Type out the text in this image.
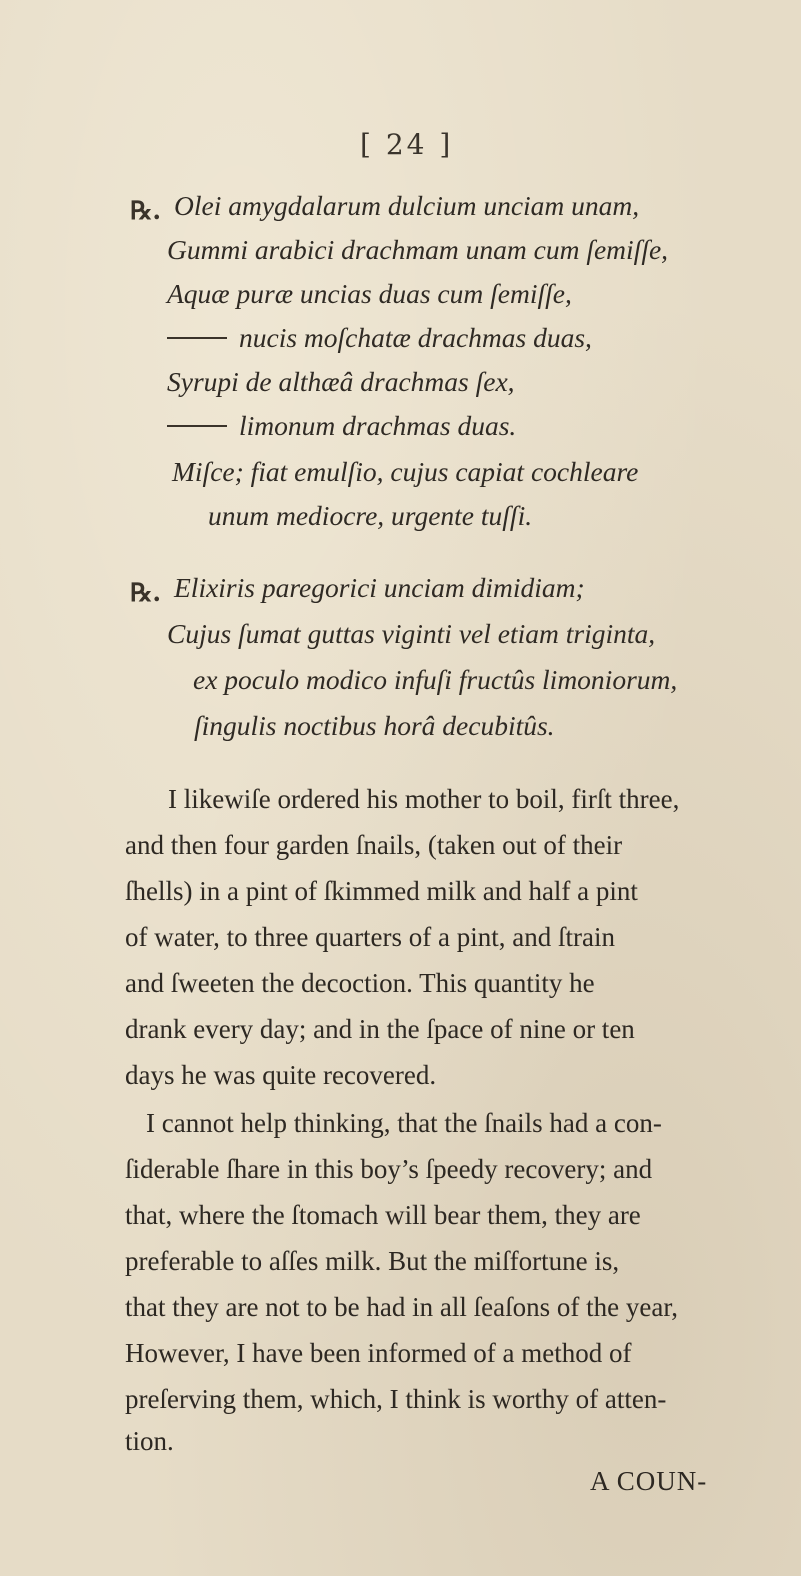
[ 24 ]
℞. Olei amygdalarum dulcium unciam unam,
Gummi arabici drachmam unam cum ſemiſſe,
Aquæ puræ uncias duas cum ſemiſſe,
nucis moſchatæ drachmas duas,
Syrupi de althæâ drachmas ſex,
limonum drachmas duas.
Miſce; fiat emulſio, cujus capiat cochleare
unum mediocre, urgente tuſſi.
℞. Elixiris paregorici unciam dimidiam;
Cujus ſumat guttas viginti vel etiam triginta,
ex poculo modico infuſi fructûs limoniorum,
ſingulis noctibus horâ decubitûs.
I likewiſe ordered his mother to boil, firſt three,
and then four garden ſnails, (taken out of their
ſhells) in a pint of ſkimmed milk and half a pint
of water, to three quarters of a pint, and ſtrain
and ſweeten the decoction. This quantity he
drank every day; and in the ſpace of nine or ten
days he was quite recovered.
I cannot help thinking, that the ſnails had a con-
ſiderable ſhare in this boy’s ſpeedy recovery; and
that, where the ſtomach will bear them, they are
preferable to aſſes milk. But the miſfortune is,
that they are not to be had in all ſeaſons of the year,
However, I have been informed of a method of
preſerving them, which, I think is worthy of atten-
tion.
A COUN-
